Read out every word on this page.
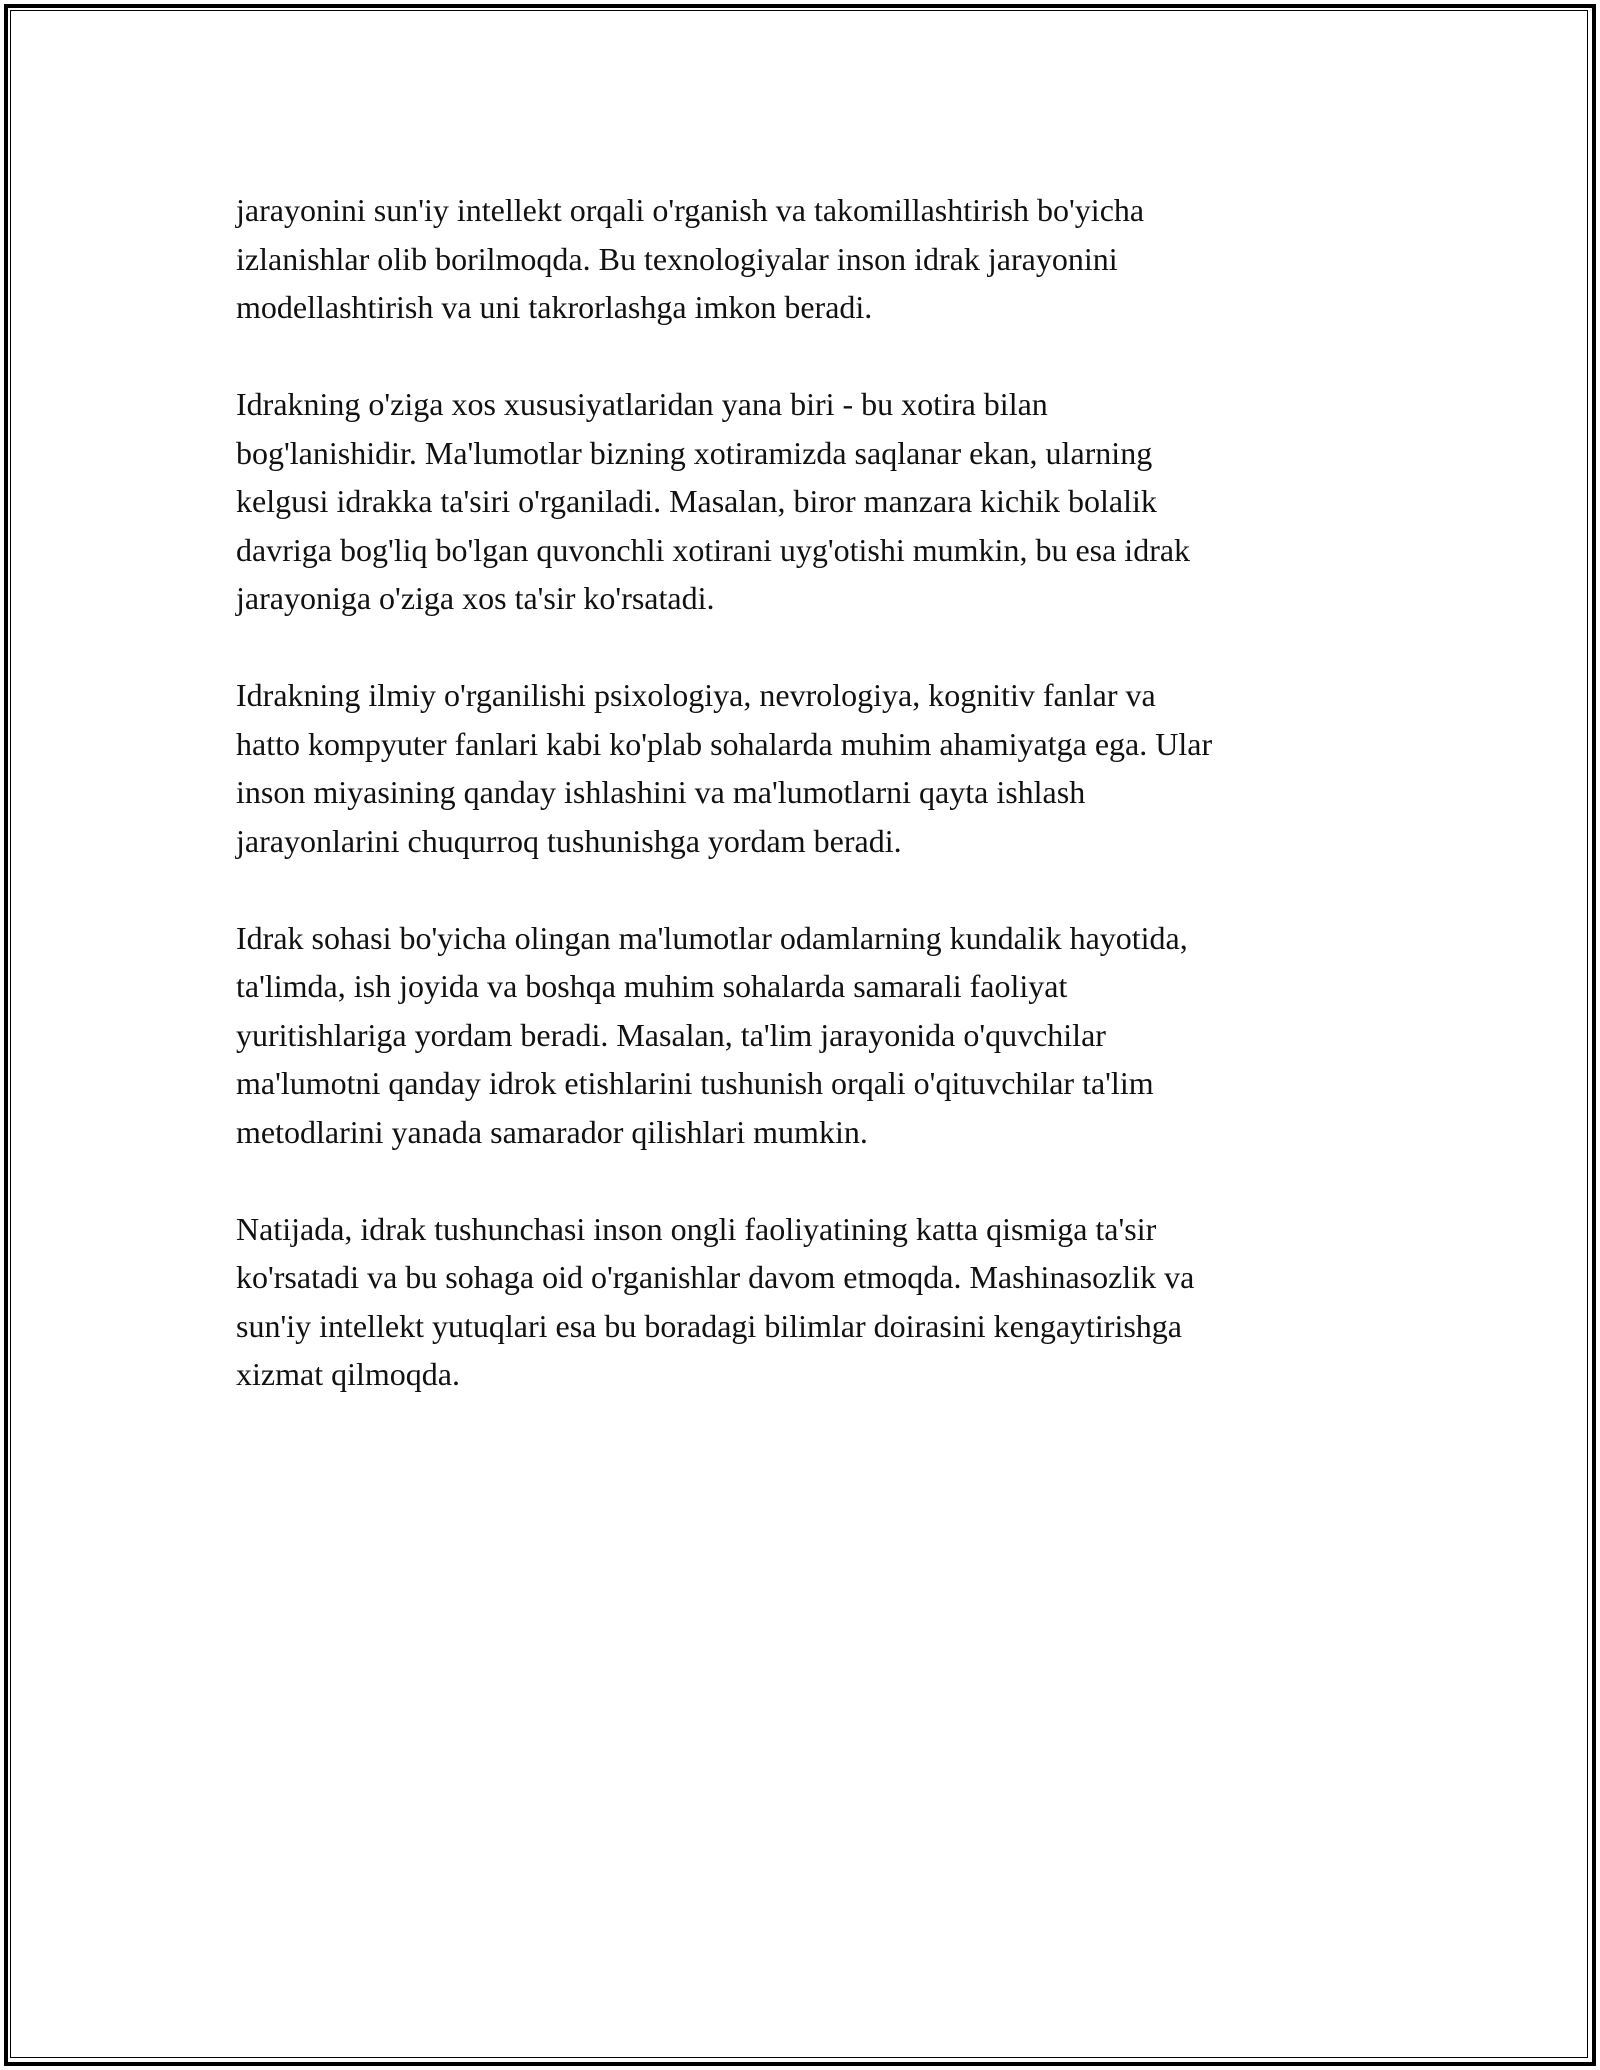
jarayonini sun'iy intellekt orqali o'rganish va takomillashtirish bo'yicha
izlanishlar olib borilmoqda. Bu texnologiyalar inson idrak jarayonini
modellashtirish va uni takrorlashga imkon beradi.

Idrakning o'ziga xos xususiyatlaridan yana biri - bu xotira bilan
bog'lanishidir. Ma'lumotlar bizning xotiramizda saqlanar ekan, ularning
kelgusi idrakka ta'siri o'rganiladi. Masalan, biror manzara kichik bolalik
davriga bog'liq bo'lgan quvonchli xotirani uyg'otishi mumkin, bu esa idrak
jarayoniga o'ziga xos ta'sir ko'rsatadi.

Idrakning ilmiy o'rganilishi psixologiya, nevrologiya, kognitiv fanlar va
hatto kompyuter fanlari kabi ko'plab sohalarda muhim ahamiyatga ega. Ular
inson miyasining qanday ishlashini va ma'lumotlarni qayta ishlash
jarayonlarini chuqurroq tushunishga yordam beradi.

Idrak sohasi bo'yicha olingan ma'lumotlar odamlarning kundalik hayotida,
ta'limda, ish joyida va boshqa muhim sohalarda samarali faoliyat
yuritishlariga yordam beradi. Masalan, ta'lim jarayonida o'quvchilar
ma'lumotni qanday idrok etishlarini tushunish orqali o'qituvchilar ta'lim
metodlarini yanada samarador qilishlari mumkin.

Natijada, idrak tushunchasi inson ongli faoliyatining katta qismiga ta'sir
ko'rsatadi va bu sohaga oid o'rganishlar davom etmoqda. Mashinasozlik va
sun'iy intellekt yutuqlari esa bu boradagi bilimlar doirasini kengaytirishga
xizmat qilmoqda.
